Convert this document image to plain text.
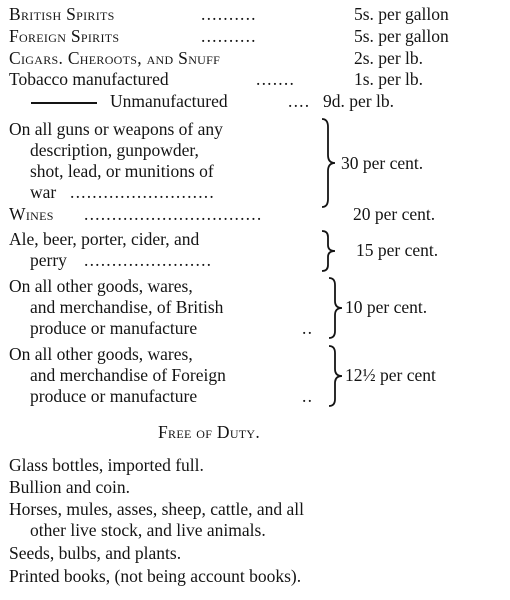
British Spirits	..........	5s. per gallon
Foreign Spirits	..........	5s. per gallon
Cigars. Cheroots, and Snuff	2s. per lb.
Tobacco manufactured	.......	1s. per lb.
Unmanufactured	.... 9d. per lb.
On all guns or weapons of any
description, gunpowder,
shot, lead, or munitions of
war ..........................
30 per cent.
Wines ................................	20 per cent.
Ale, beer, porter, cider, and
perry .......................	15 per cent.
On all other goods, wares,
and merchandise, of British
produce or manufacture	..
10 per cent.
On all other goods, wares,
and merchandise of Foreign
produce or manufacture	..
12½ per cent
Free of Duty.
Glass bottles, imported full.
Bullion and coin.
Horses, mules, asses, sheep, cattle, and all
other live stock, and live animals.
Seeds, bulbs, and plants.
Printed books, (not being account books).
